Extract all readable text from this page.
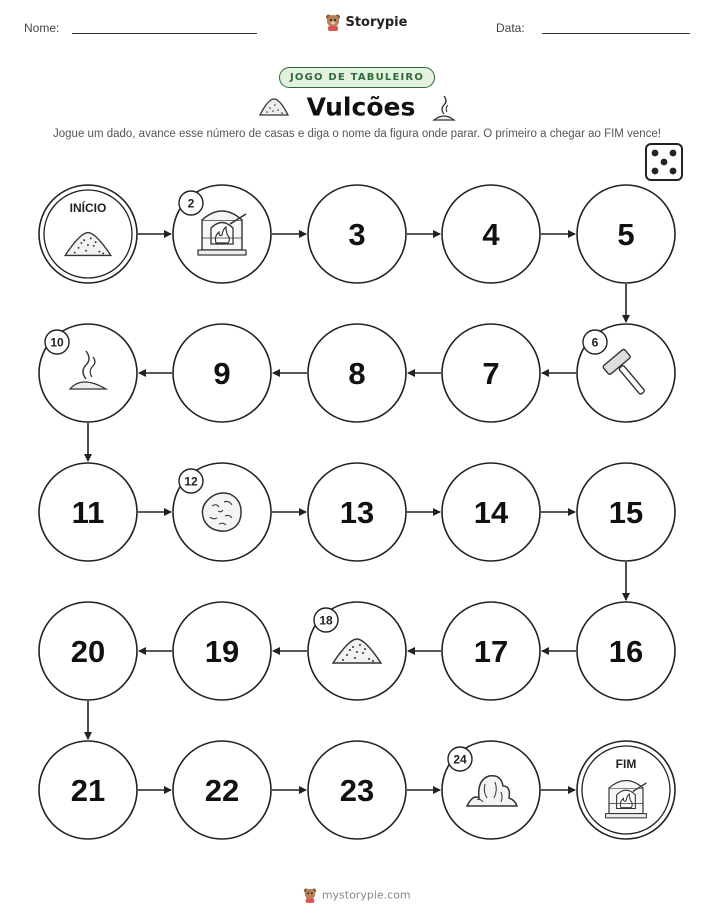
Nome:	Storypie	Data:
JOGO DE TABULEIRO
Vulcões
Jogue um dado, avance esse número de casas e diga o nome da figura onde parar. O primeiro a chegar ao FIM vence!
INÍCIO	2
3	4	5
6
7
8
9
10
11
12
13	14	15
16
17
18
19
20
21	22	23
24	FIM
mystorypie.com
